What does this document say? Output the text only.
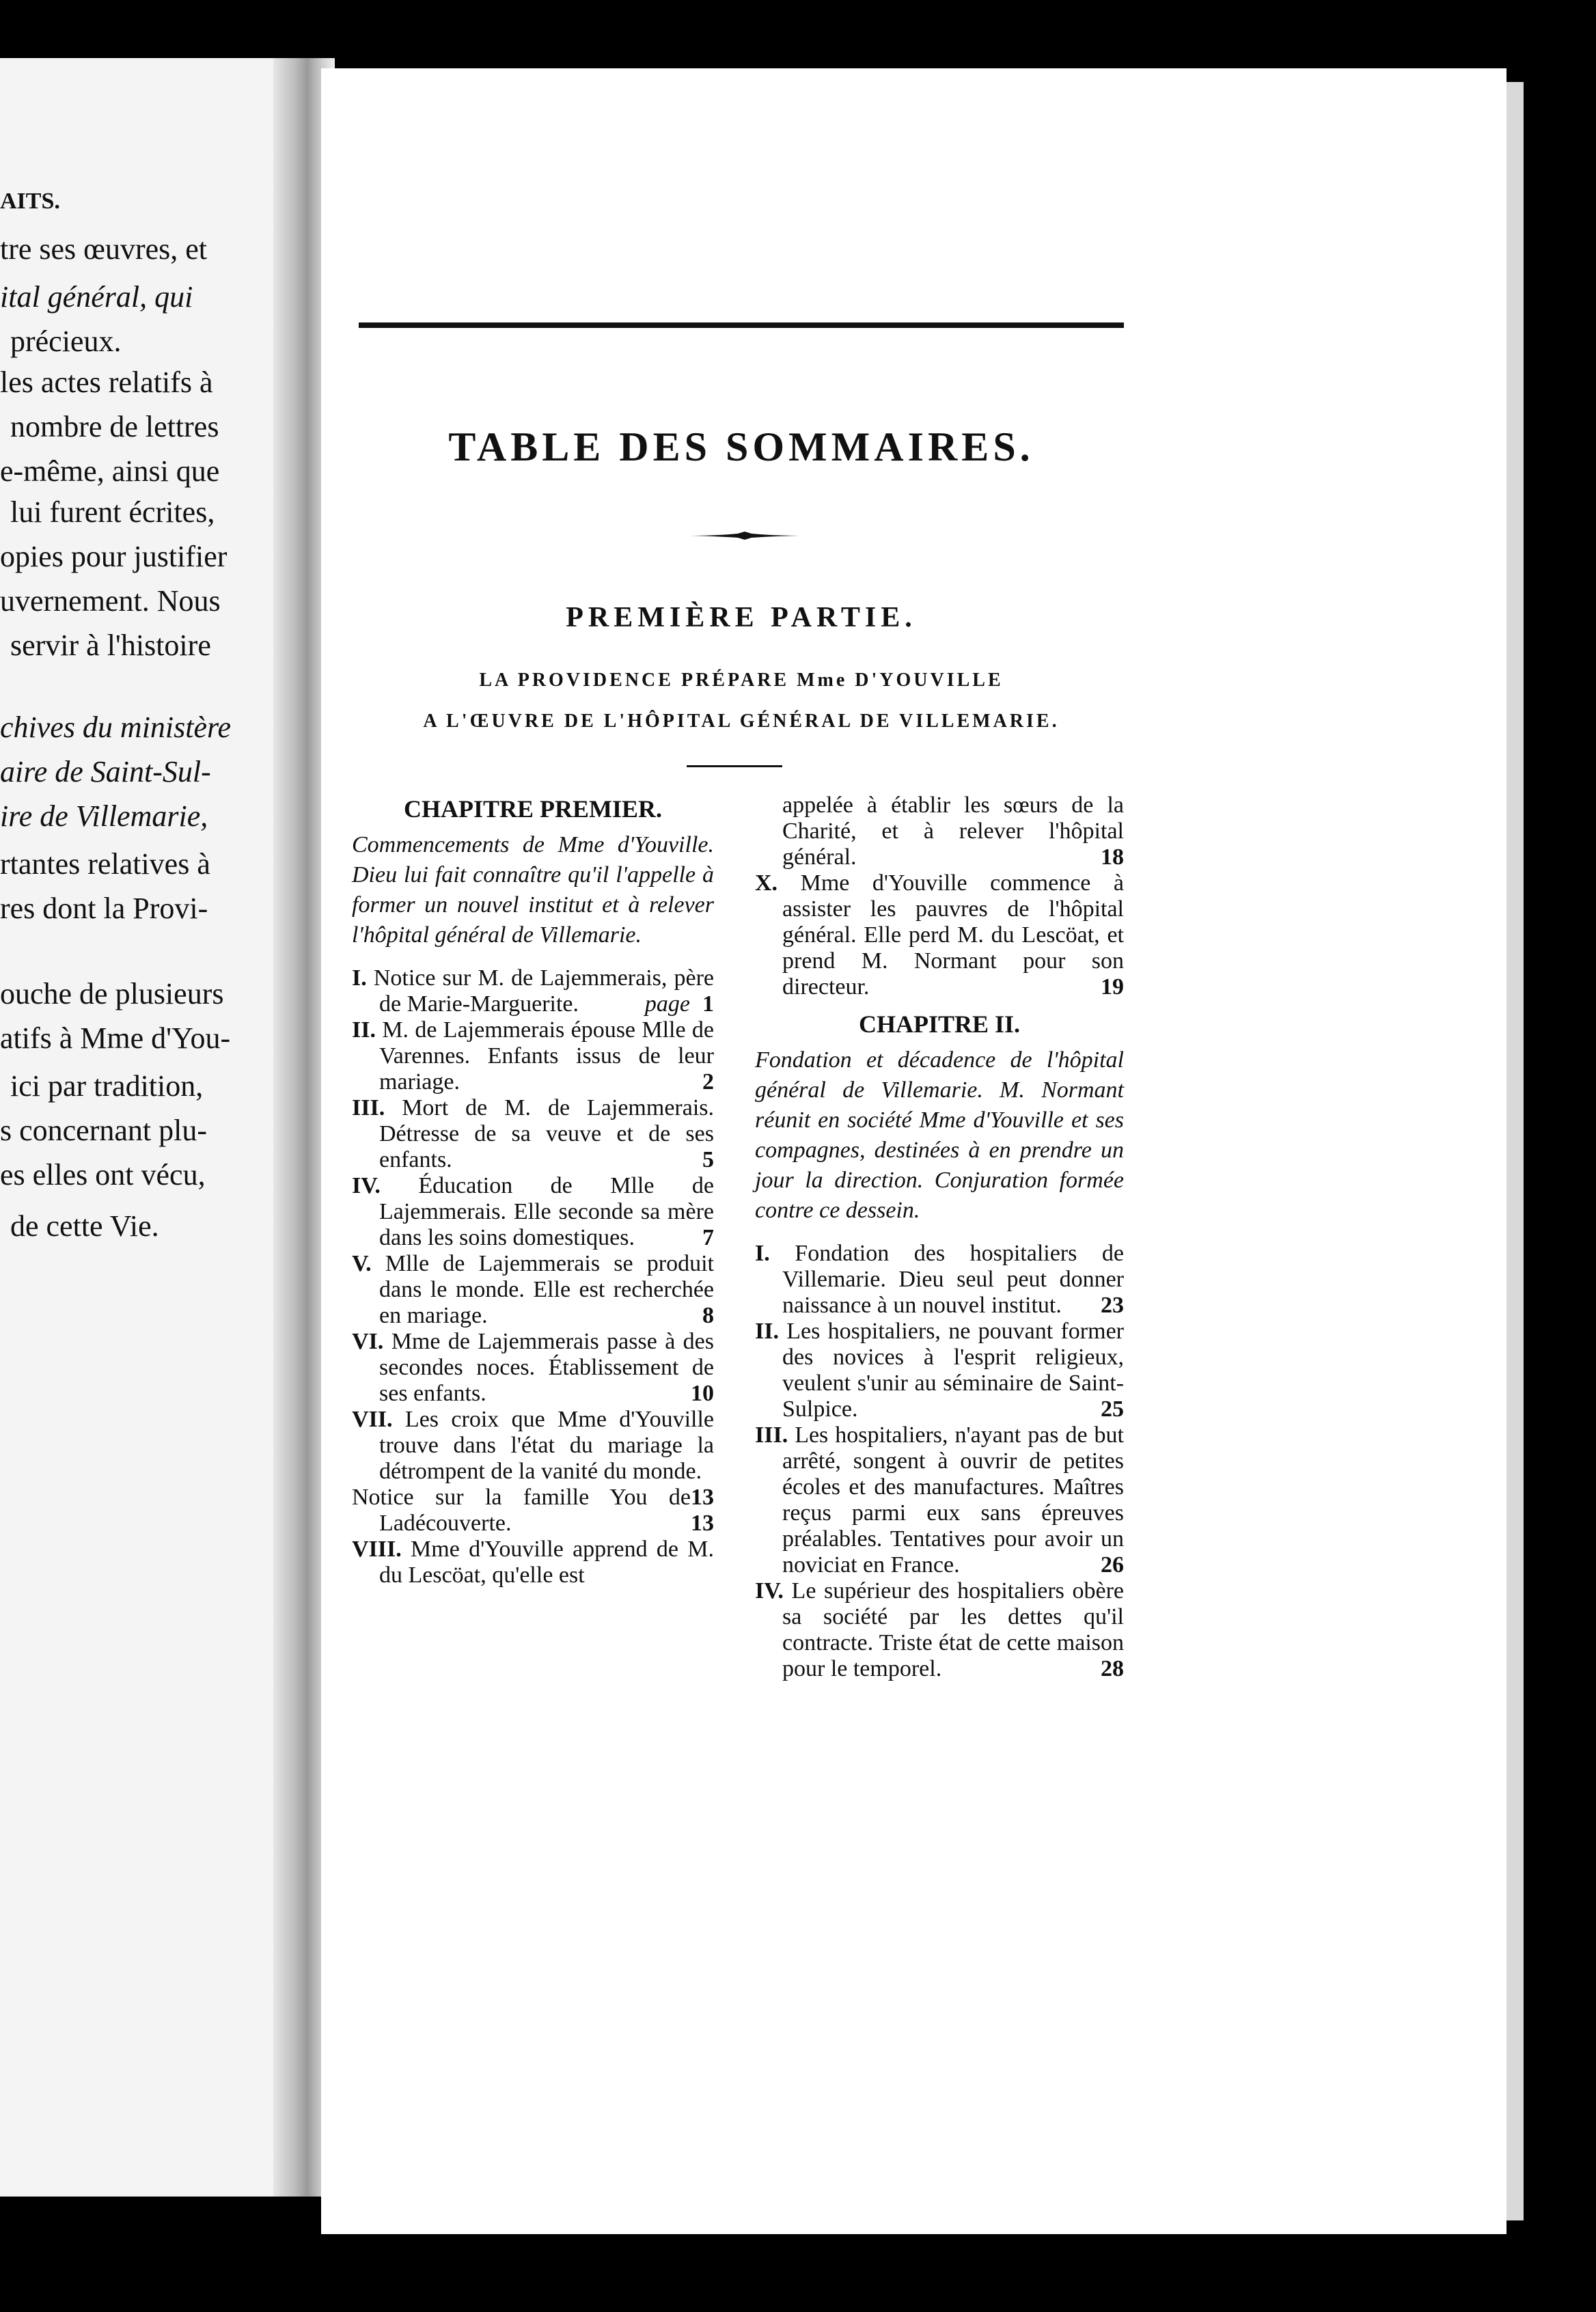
AITS.
tre ses œuvres, et
ital général, qui
précieux.
les actes relatifs à
nombre de lettres
e-même, ainsi que
lui furent écrites,
opies pour justifier
uvernement. Nous
servir à l'histoire
chives du ministère
aire de Saint-Sul-
ire de Villemarie,
rtantes relatives à
res dont la Provi-
ouche de plusieurs
atifs à Mme d'You-
ici par tradition,
s concernant plu-
es elles ont vécu,
de cette Vie.
TABLE DES SOMMAIRES.
PREMIÈRE PARTIE.
LA PROVIDENCE PRÉPARE Mme D'YOUVILLE
A L'ŒUVRE DE L'HÔPITAL GÉNÉRAL DE VILLEMARIE.
CHAPITRE PREMIER.
Commencements de Mme d'Youville. Dieu lui fait connaître qu'il l'appelle à former un nouvel institut et à relever l'hôpital général de Villemarie.

I. Notice sur M. de Lajemmerais, père de Marie-Marguerite.	page 1

II. M. de Lajemmerais épouse Mlle de Varennes. Enfants issus de leur mariage.	2

III. Mort de M. de Lajemmerais. Détresse de sa veuve et de ses enfants.	5

IV. Éducation de Mlle de Lajemmerais. Elle seconde sa mère dans les soins domestiques.	7

V. Mlle de Lajemmerais se produit dans le monde. Elle est recherchée en mariage.	8

VI. Mme de Lajemmerais passe à des secondes noces. Établissement de ses enfants.	10

VII. Les croix que Mme d'Youville trouve dans l'état du mariage la détrompent de la vanité du monde.
13

Notice sur la famille You de Ladécouverte.	13

VIII. Mme d'Youville apprend de M. du Lescöat, qu'elle est

appelée à établir les sœurs de la Charité, et à relever l'hôpital général.	18

X. Mme d'Youville commence à assister les pauvres de l'hôpital général. Elle perd M. du Lescöat, et prend M. Normant pour son directeur.	19

CHAPITRE II.
Fondation et décadence de l'hôpital général de Villemarie. M. Normant réunit en société Mme d'Youville et ses compagnes, destinées à en prendre un jour la direction. Conjuration formée contre ce dessein.

I. Fondation des hospitaliers de Villemarie. Dieu seul peut donner naissance à un nouvel institut. 23

II. Les hospitaliers, ne pouvant former des novices à l'esprit religieux, veulent s'unir au séminaire de Saint-Sulpice.	25

III. Les hospitaliers, n'ayant pas de but arrêté, songent à ouvrir de petites écoles et des manufactures. Maîtres reçus parmi eux sans épreuves préalables. Tentatives pour avoir un noviciat en France.	26

IV. Le supérieur des hospitaliers obère sa société par les dettes qu'il contracte. Triste état de cette maison pour le temporel.	28
